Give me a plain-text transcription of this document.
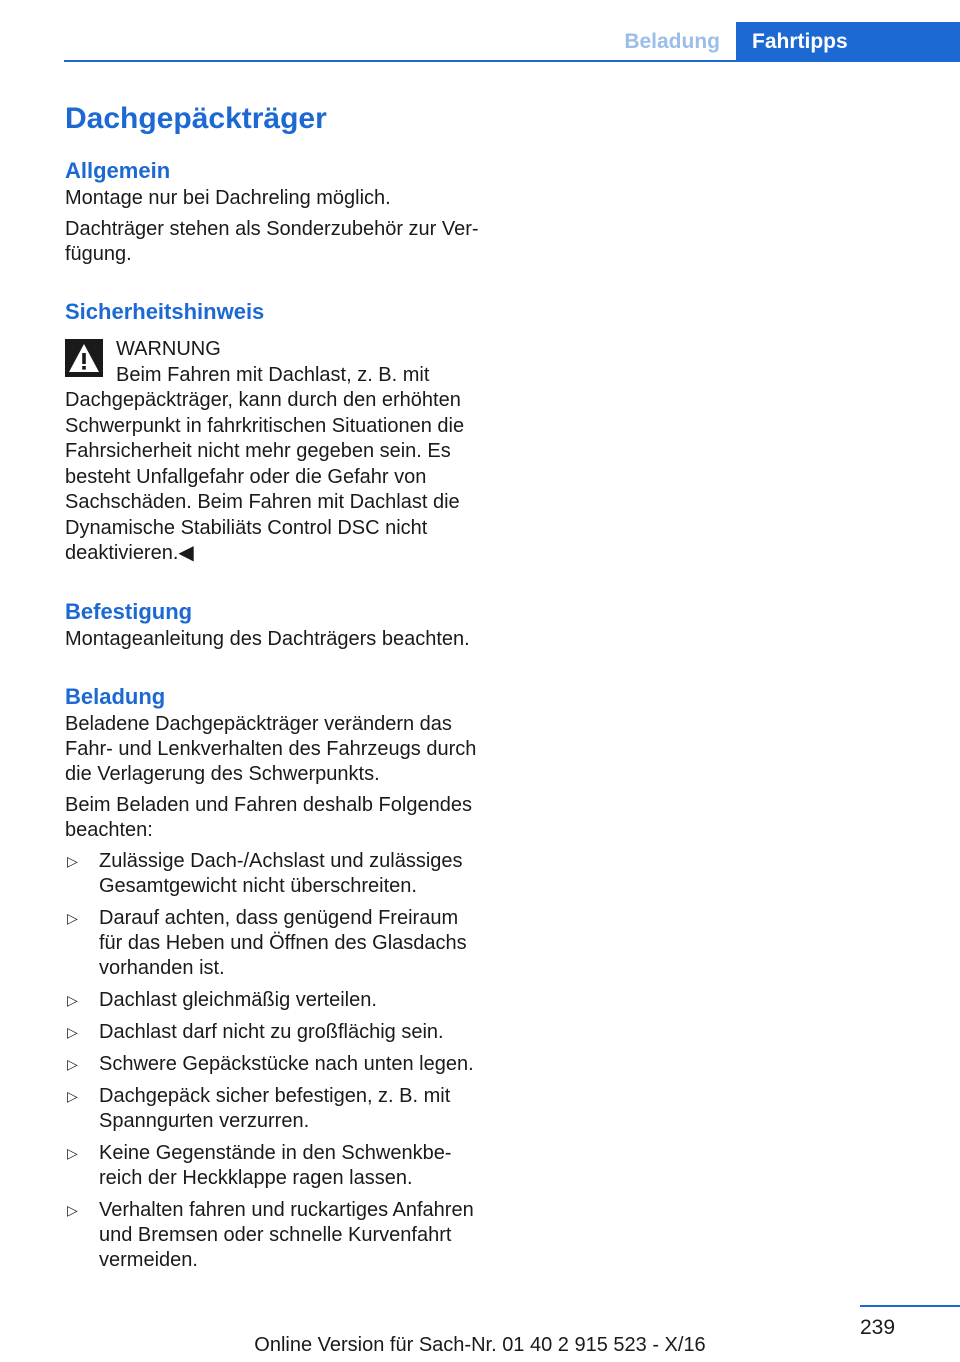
Beladung	Fahrtipps
Dachgepäckträger
Allgemein

Montage nur bei Dachreling möglich.

Dachträger stehen als Sonderzubehör zur Ver‐ fügung.

Sicherheitshinweis
WARNUNG
Beim Fahren mit Dachlast, z. B. mit Dachgepäckträger, kann durch den erhöhten Schwerpunkt in fahrkritischen Situationen die Fahrsicherheit nicht mehr gegeben sein. Es besteht Unfallgefahr oder die Gefahr von Sachschäden. Beim Fahren mit Dachlast die Dynamische Stabiliäts Control DSC nicht deaktivieren.◀
Befestigung

Montageanleitung des Dachträgers beachten.

Beladung

Beladene Dachgepäckträger verändern das Fahr- und Lenkverhalten des Fahrzeugs durch die Verlagerung des Schwerpunkts.

Beim Beladen und Fahren deshalb Folgendes beachten:

▷ Zulässige Dach-/Achslast und zulässiges Gesamtgewicht nicht überschreiten.
▷ Darauf achten, dass genügend Freiraum für das Heben und Öffnen des Glasdachs vorhanden ist.
▷ Dachlast gleichmäßig verteilen.
▷ Dachlast darf nicht zu großflächig sein.
▷ Schwere Gepäckstücke nach unten legen.
▷ Dachgepäck sicher befestigen, z. B. mit Spanngurten verzurren.
▷ Keine Gegenstände in den Schwenkbe‐ reich der Heckklappe ragen lassen.
▷ Verhalten fahren und ruckartiges Anfahren und Bremsen oder schnelle Kurvenfahrt vermeiden.
239
Online Version für Sach-Nr. 01 40 2 915 523 - X/16
